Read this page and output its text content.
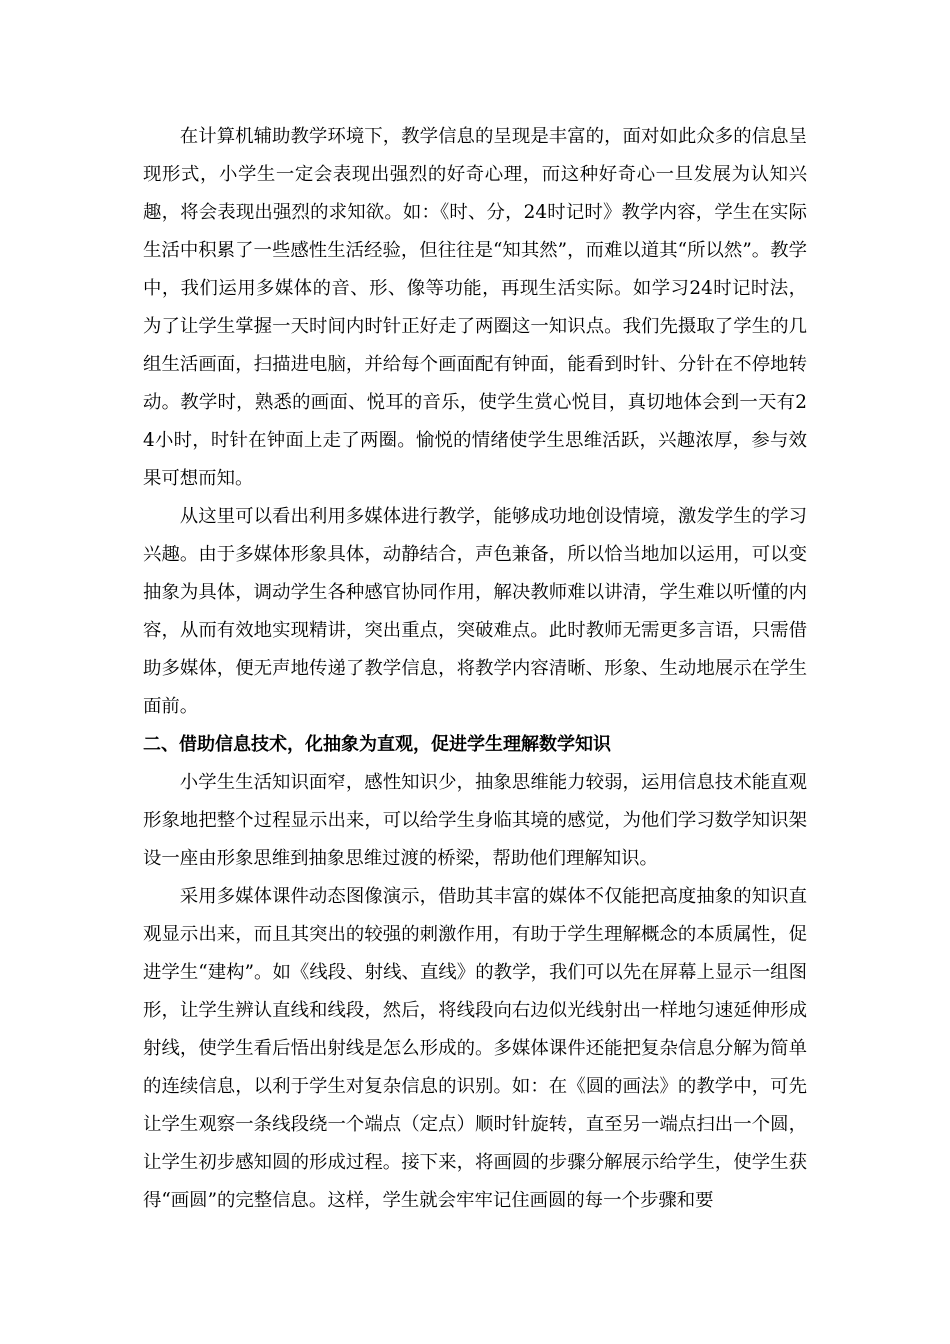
在计算机辅助教学环境下，教学信息的呈现是丰富的，面对如此众多的信息呈现形式，小学生一定会表现出强烈的好奇心理，而这种好奇心一旦发展为认知兴趣，将会表现出强烈的求知欲。如：《时、分，24时记时》教学内容，学生在实际生活中积累了一些感性生活经验，但往往是“知其然”，而难以道其“所以然”。教学中，我们运用多媒体的音、形、像等功能，再现生活实际。如学习24时记时法，为了让学生掌握一天时间内时针正好走了两圈这一知识点。我们先摄取了学生的几组生活画面，扫描进电脑，并给每个画面配有钟面，能看到时针、分针在不停地转动。教学时，熟悉的画面、悦耳的音乐，使学生赏心悦目，真切地体会到一天有24小时，时针在钟面上走了两圈。愉悦的情绪使学生思维活跃，兴趣浓厚，参与效果可想而知。

从这里可以看出利用多媒体进行教学，能够成功地创设情境，激发学生的学习兴趣。由于多媒体形象具体，动静结合，声色兼备，所以恰当地加以运用，可以变抽象为具体，调动学生各种感官协同作用，解决教师难以讲清，学生难以听懂的内容，从而有效地实现精讲，突出重点，突破难点。此时教师无需更多言语，只需借助多媒体，便无声地传递了教学信息，将教学内容清晰、形象、生动地展示在学生面前。

二、借助信息技术，化抽象为直观，促进学生理解数学知识

小学生生活知识面窄，感性知识少，抽象思维能力较弱，运用信息技术能直观形象地把整个过程显示出来，可以给学生身临其境的感觉，为他们学习数学知识架设一座由形象思维到抽象思维过渡的桥梁，帮助他们理解知识。

采用多媒体课件动态图像演示，借助其丰富的媒体不仅能把高度抽象的知识直观显示出来，而且其突出的较强的刺激作用，有助于学生理解概念的本质属性，促进学生“建构”。如《线段、射线、直线》的教学，我们可以先在屏幕上显示一组图形，让学生辨认直线和线段，然后，将线段向右边似光线射出一样地匀速延伸形成射线，使学生看后悟出射线是怎么形成的。多媒体课件还能把复杂信息分解为简单的连续信息，以利于学生对复杂信息的识别。如：在《圆的画法》的教学中，可先让学生观察一条线段绕一个端点（定点）顺时针旋转，直至另一端点扫出一个圆，让学生初步感知圆的形成过程。接下来，将画圆的步骤分解展示给学生，使学生获得“画圆”的完整信息。这样，学生就会牢牢记住画圆的每一个步骤和要
